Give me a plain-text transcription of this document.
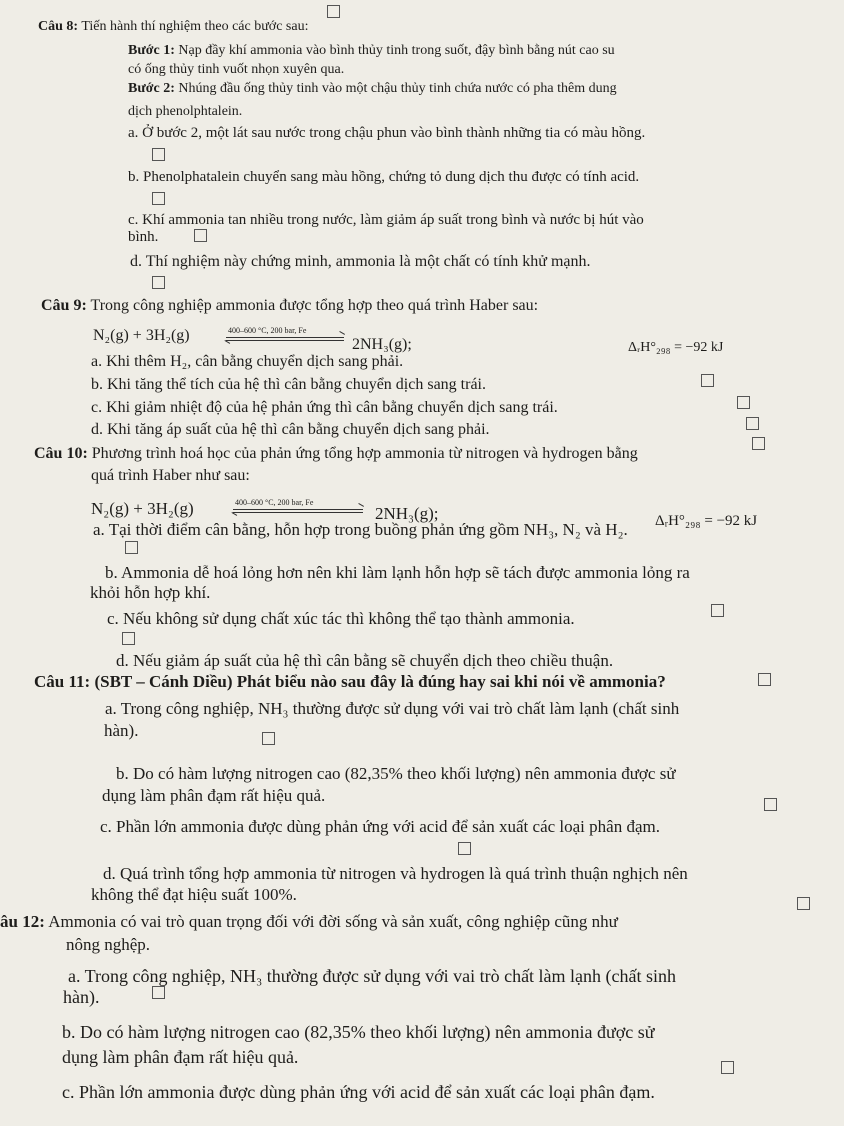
Câu 8: Tiến hành thí nghiệm theo các bước sau:
Bước 1: Nạp đầy khí ammonia vào bình thủy tinh trong suốt, đậy bình bằng nút cao su
có ống thủy tinh vuốt nhọn xuyên qua.
Bước 2: Nhúng đầu ống thủy tinh vào một chậu thủy tinh chứa nước có pha thêm dung
dịch phenolphtalein.
a. Ở bước 2, một lát sau nước trong chậu phun vào bình thành những tia có màu hồng.
b. Phenolphatalein chuyển sang màu hồng, chứng tỏ dung dịch thu được có tính acid.
c. Khí ammonia tan nhiều trong nước, làm giảm áp suất trong bình và nước bị hút vào
bình.
d. Thí nghiệm này chứng minh, ammonia là một chất có tính khử mạnh.
Câu 9: Trong công nghiệp ammonia được tổng hợp theo quá trình Haber sau:
N₂(g) + 3H₂(g)	400–600 °C, 200 bar, Fe
2NH₃(g);	ΔᵣH°₂₉₈ = −92 kJ
a. Khi thêm H₂, cân bằng chuyển dịch sang phải.
b. Khi tăng thể tích của hệ thì cân bằng chuyển dịch sang trái.
c. Khi giảm nhiệt độ của hệ phản ứng thì cân bằng chuyển dịch sang trái.
d. Khi tăng áp suất của hệ thì cân bằng chuyển dịch sang phải.
Câu 10: Phương trình hoá học của phản ứng tổng hợp ammonia từ nitrogen và hydrogen bằng
quá trình Haber như sau:
N₂(g) + 3H₂(g)	400–600 °C, 200 bar, Fe
2NH₃(g);	ΔᵣH°₂₉₈ = −92 kJ
a. Tại thời điểm cân bằng, hỗn hợp trong buồng phản ứng gồm NH₃, N₂ và H₂.
b. Ammonia dễ hoá lỏng hơn nên khi làm lạnh hỗn hợp sẽ tách được ammonia lỏng ra
khỏi hỗn hợp khí.
c. Nếu không sử dụng chất xúc tác thì không thể tạo thành ammonia.
d. Nếu giảm áp suất của hệ thì cân bằng sẽ chuyển dịch theo chiều thuận.
Câu 11: (SBT – Cánh Diều) Phát biểu nào sau đây là đúng hay sai khi nói về ammonia?
a. Trong công nghiệp, NH₃ thường được sử dụng với vai trò chất làm lạnh (chất sinh
hàn).
b. Do có hàm lượng nitrogen cao (82,35% theo khối lượng) nên ammonia được sử
dụng làm phân đạm rất hiệu quả.
c. Phần lớn ammonia được dùng phản ứng với acid để sản xuất các loại phân đạm.
d. Quá trình tổng hợp ammonia từ nitrogen và hydrogen là quá trình thuận nghịch nên
không thể đạt hiệu suất 100%.
âu 12: Ammonia có vai trò quan trọng đối với đời sống và sản xuất, công nghiệp cũng như
nông nghệp.
a. Trong công nghiệp, NH₃ thường được sử dụng với vai trò chất làm lạnh (chất sinh
hàn).
b. Do có hàm lượng nitrogen cao (82,35% theo khối lượng) nên ammonia được sử
dụng làm phân đạm rất hiệu quả.
c. Phần lớn ammonia được dùng phản ứng với acid để sản xuất các loại phân đạm.
